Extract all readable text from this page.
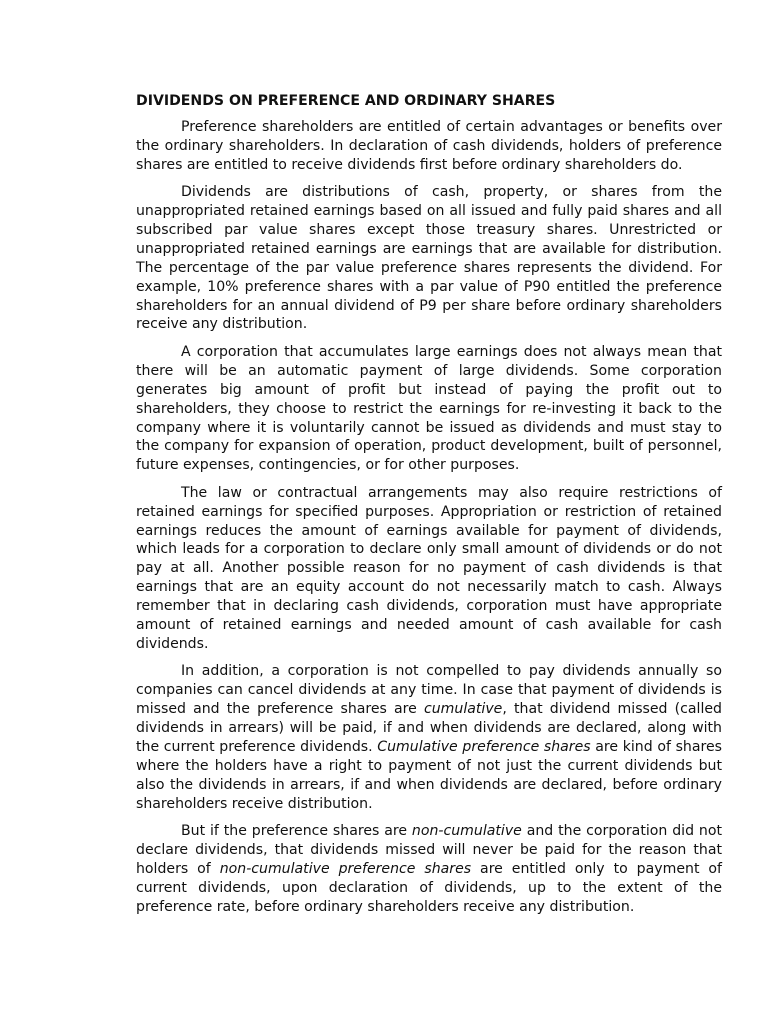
DIVIDENDS ON PREFERENCE AND ORDINARY SHARES

Preference shareholders are entitled of certain advantages or benefits over the ordinary shareholders. In declaration of cash dividends, holders of preference shares are entitled to receive dividends first before ordinary shareholders do.

Dividends are distributions of cash, property, or shares from the unappropriated retained earnings based on all issued and fully paid shares and all subscribed par value shares except those treasury shares. Unrestricted or unappropriated retained earnings are earnings that are available for distribution. The percentage of the par value preference shares represents the dividend. For example, 10% preference shares with a par value of P90 entitled the preference shareholders for an annual dividend of P9 per share before ordinary shareholders receive any distribution.

A corporation that accumulates large earnings does not always mean that there will be an automatic payment of large dividends. Some corporation generates big amount of profit but instead of paying the profit out to shareholders, they choose to restrict the earnings for re-investing it back to the company where it is voluntarily cannot be issued as dividends and must stay to the company for expansion of operation, product development, built of personnel, future expenses, contingencies, or for other purposes.

The law or contractual arrangements may also require restrictions of retained earnings for specified purposes. Appropriation or restriction of retained earnings reduces the amount of earnings available for payment of dividends, which leads for a corporation to declare only small amount of dividends or do not pay at all. Another possible reason for no payment of cash dividends is that earnings that are an equity account do not necessarily match to cash. Always remember that in declaring cash dividends, corporation must have appropriate amount of retained earnings and needed amount of cash available for cash dividends.

In addition, a corporation is not compelled to pay dividends annually so companies can cancel dividends at any time. In case that payment of dividends is missed and the preference shares are cumulative, that dividend missed (called dividends in arrears) will be paid, if and when dividends are declared, along with the current preference dividends. Cumulative preference shares are kind of shares where the holders have a right to payment of not just the current dividends but also the dividends in arrears, if and when dividends are declared, before ordinary shareholders receive distribution.

But if the preference shares are non-cumulative and the corporation did not declare dividends, that dividends missed will never be paid for the reason that holders of non-cumulative preference shares are entitled only to payment of current dividends, upon declaration of dividends, up to the extent of the preference rate, before ordinary shareholders receive any distribution.
